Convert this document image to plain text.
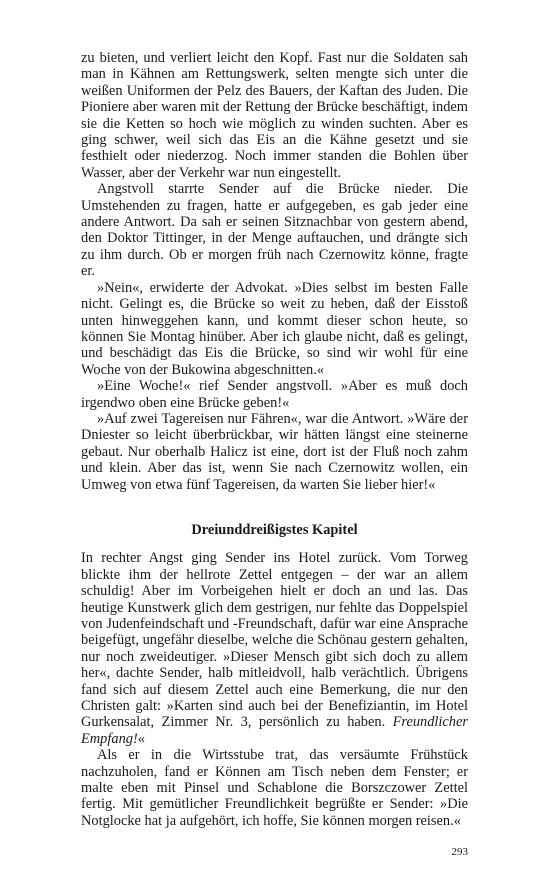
zu bieten, und verliert leicht den Kopf. Fast nur die Soldaten sah man in Kähnen am Rettungswerk, selten mengte sich unter die weißen Uniformen der Pelz des Bauers, der Kaftan des Juden. Die Pioniere aber waren mit der Rettung der Brücke beschäftigt, indem sie die Ketten so hoch wie möglich zu winden suchten. Aber es ging schwer, weil sich das Eis an die Kähne gesetzt und sie festhielt oder niederzog. Noch immer standen die Bohlen über Wasser, aber der Verkehr war nun eingestellt.

Angstvoll starrte Sender auf die Brücke nieder. Die Umstehenden zu fragen, hatte er aufgegeben, es gab jeder eine andere Antwort. Da sah er seinen Sitznachbar von gestern abend, den Doktor Tittinger, in der Menge auftauchen, und drängte sich zu ihm durch. Ob er morgen früh nach Czernowitz könne, fragte er.

»Nein«, erwiderte der Advokat. »Dies selbst im besten Falle nicht. Gelingt es, die Brücke so weit zu heben, daß der Eisstoß unten hinweggehen kann, und kommt dieser schon heute, so können Sie Montag hinüber. Aber ich glaube nicht, daß es gelingt, und beschädigt das Eis die Brücke, so sind wir wohl für eine Woche von der Bukowina abgeschnitten.«

»Eine Woche!« rief Sender angstvoll. »Aber es muß doch irgendwo oben eine Brücke geben!«

»Auf zwei Tagereisen nur Fähren«, war die Antwort. »Wäre der Dniester so leicht überbrückbar, wir hätten längst eine steinerne gebaut. Nur oberhalb Halicz ist eine, dort ist der Fluß noch zahm und klein. Aber das ist, wenn Sie nach Czernowitz wollen, ein Umweg von etwa fünf Tagereisen, da warten Sie lieber hier!«

Dreiunddreißigstes Kapitel

In rechter Angst ging Sender ins Hotel zurück. Vom Torweg blickte ihm der hellrote Zettel entgegen – der war an allem schuldig! Aber im Vorbeigehen hielt er doch an und las. Das heutige Kunstwerk glich dem gestrigen, nur fehlte das Doppelspiel von Judenfeindschaft und -Freundschaft, dafür war eine Ansprache beigefügt, ungefähr dieselbe, welche die Schönau gestern gehalten, nur noch zweideutiger. »Dieser Mensch gibt sich doch zu allem her«, dachte Sender, halb mitleidvoll, halb verächtlich. Übrigens fand sich auf diesem Zettel auch eine Bemerkung, die nur den Christen galt: »Karten sind auch bei der Benefiziantin, im Hotel Gurkensalat, Zimmer Nr. 3, persönlich zu haben. Freundlicher Empfang!«

Als er in die Wirtsstube trat, das versäumte Frühstück nachzuholen, fand er Können am Tisch neben dem Fenster; er malte eben mit Pinsel und Schablone die Borszczower Zettel fertig. Mit gemütlicher Freundlichkeit begrüßte er Sender: »Die Notglocke hat ja aufgehört, ich hoffe, Sie können morgen reisen.«

293
